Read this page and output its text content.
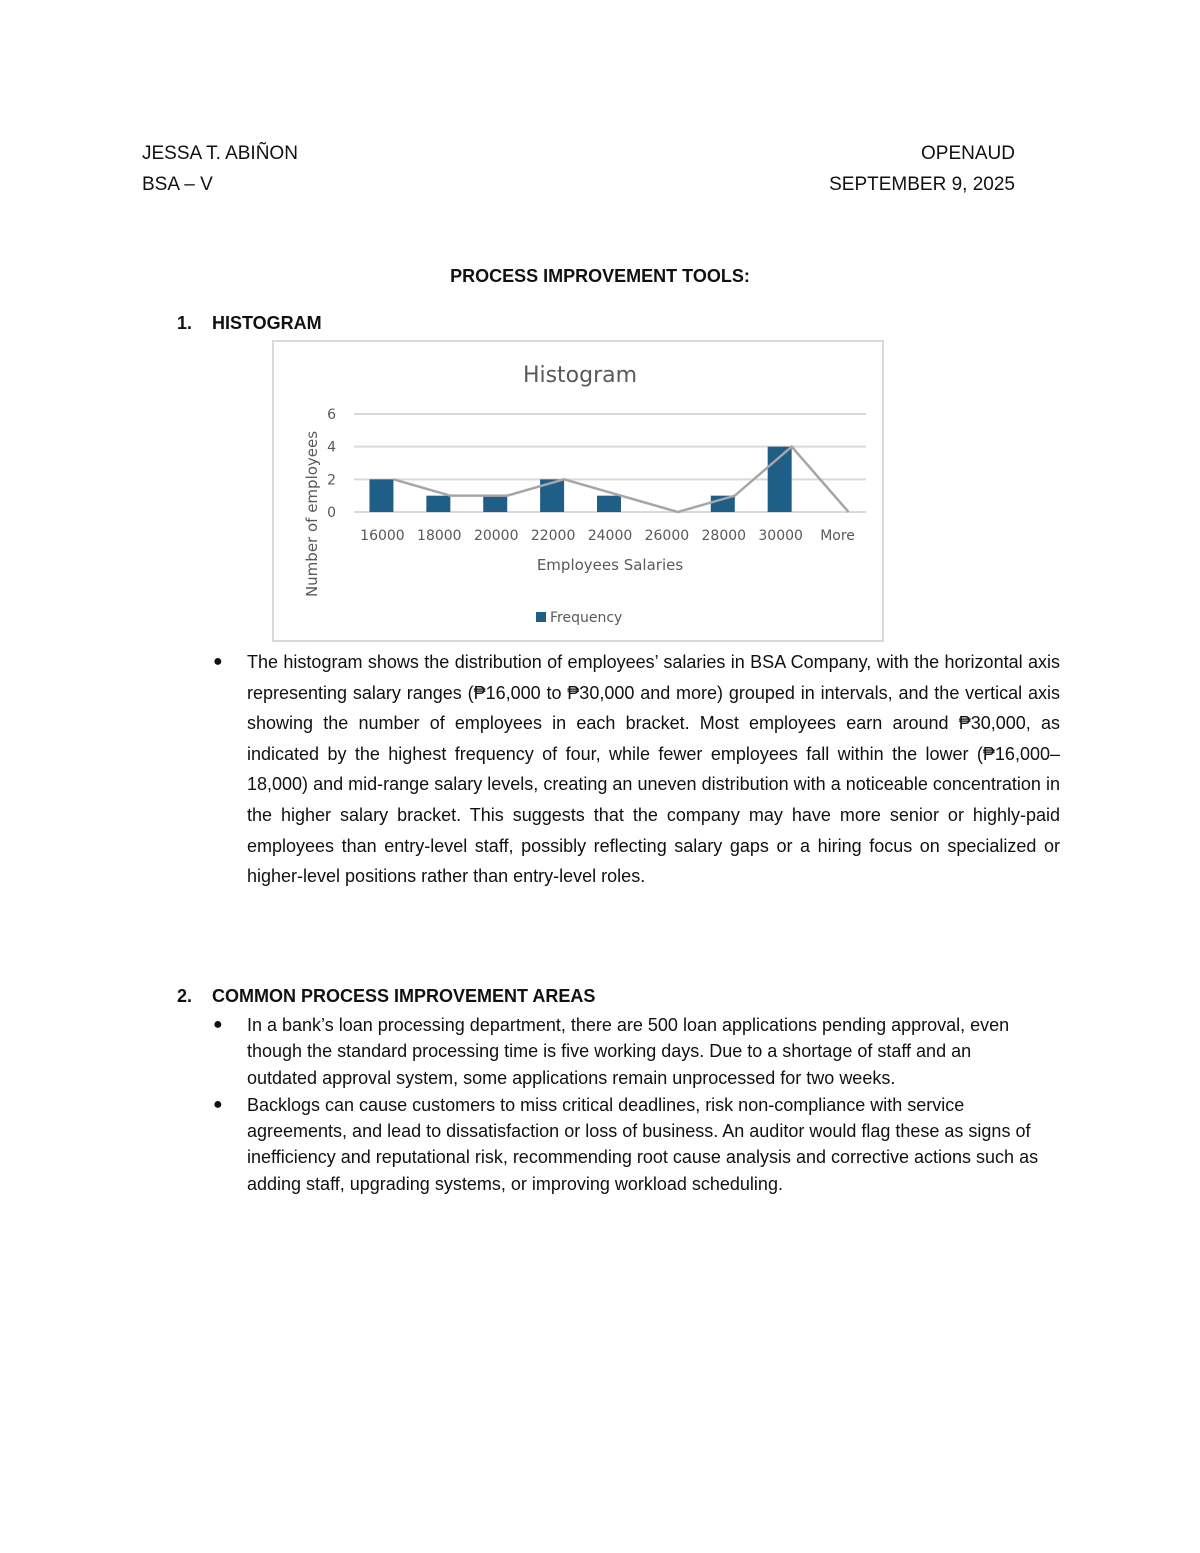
JESSA T. ABIÑON
BSA – V
OPENAUD
SEPTEMBER 9, 2025
PROCESS IMPROVEMENT TOOLS:
1. HISTOGRAM
Histogram
0
2
4
6
16000 18000 20000 22000 24000 26000 28000 30000 More
Employees Salaries
Number of employees
Frequency
● The histogram shows the distribution of employees’ salaries in BSA Company, with the horizontal axis representing salary ranges (₱16,000 to ₱30,000 and more) grouped in intervals, and the vertical axis showing the number of employees in each bracket. Most employees earn around ₱30,000, as indicated by the highest frequency of four, while fewer employees fall within the lower (₱16,000–18,000) and mid-range salary levels, creating an uneven distribution with a noticeable concentration in the higher salary bracket. This suggests that the company may have more senior or highly-paid employees than entry-level staff, possibly reflecting salary gaps or a hiring focus on specialized or higher-level positions rather than entry-level roles.
2. COMMON PROCESS IMPROVEMENT AREAS
● In a bank’s loan processing department, there are 500 loan applications pending approval, even though the standard processing time is five working days. Due to a shortage of staff and an outdated approval system, some applications remain unprocessed for two weeks.
● Backlogs can cause customers to miss critical deadlines, risk non-compliance with service agreements, and lead to dissatisfaction or loss of business. An auditor would flag these as signs of inefficiency and reputational risk, recommending root cause analysis and corrective actions such as adding staff, upgrading systems, or improving workload scheduling.
